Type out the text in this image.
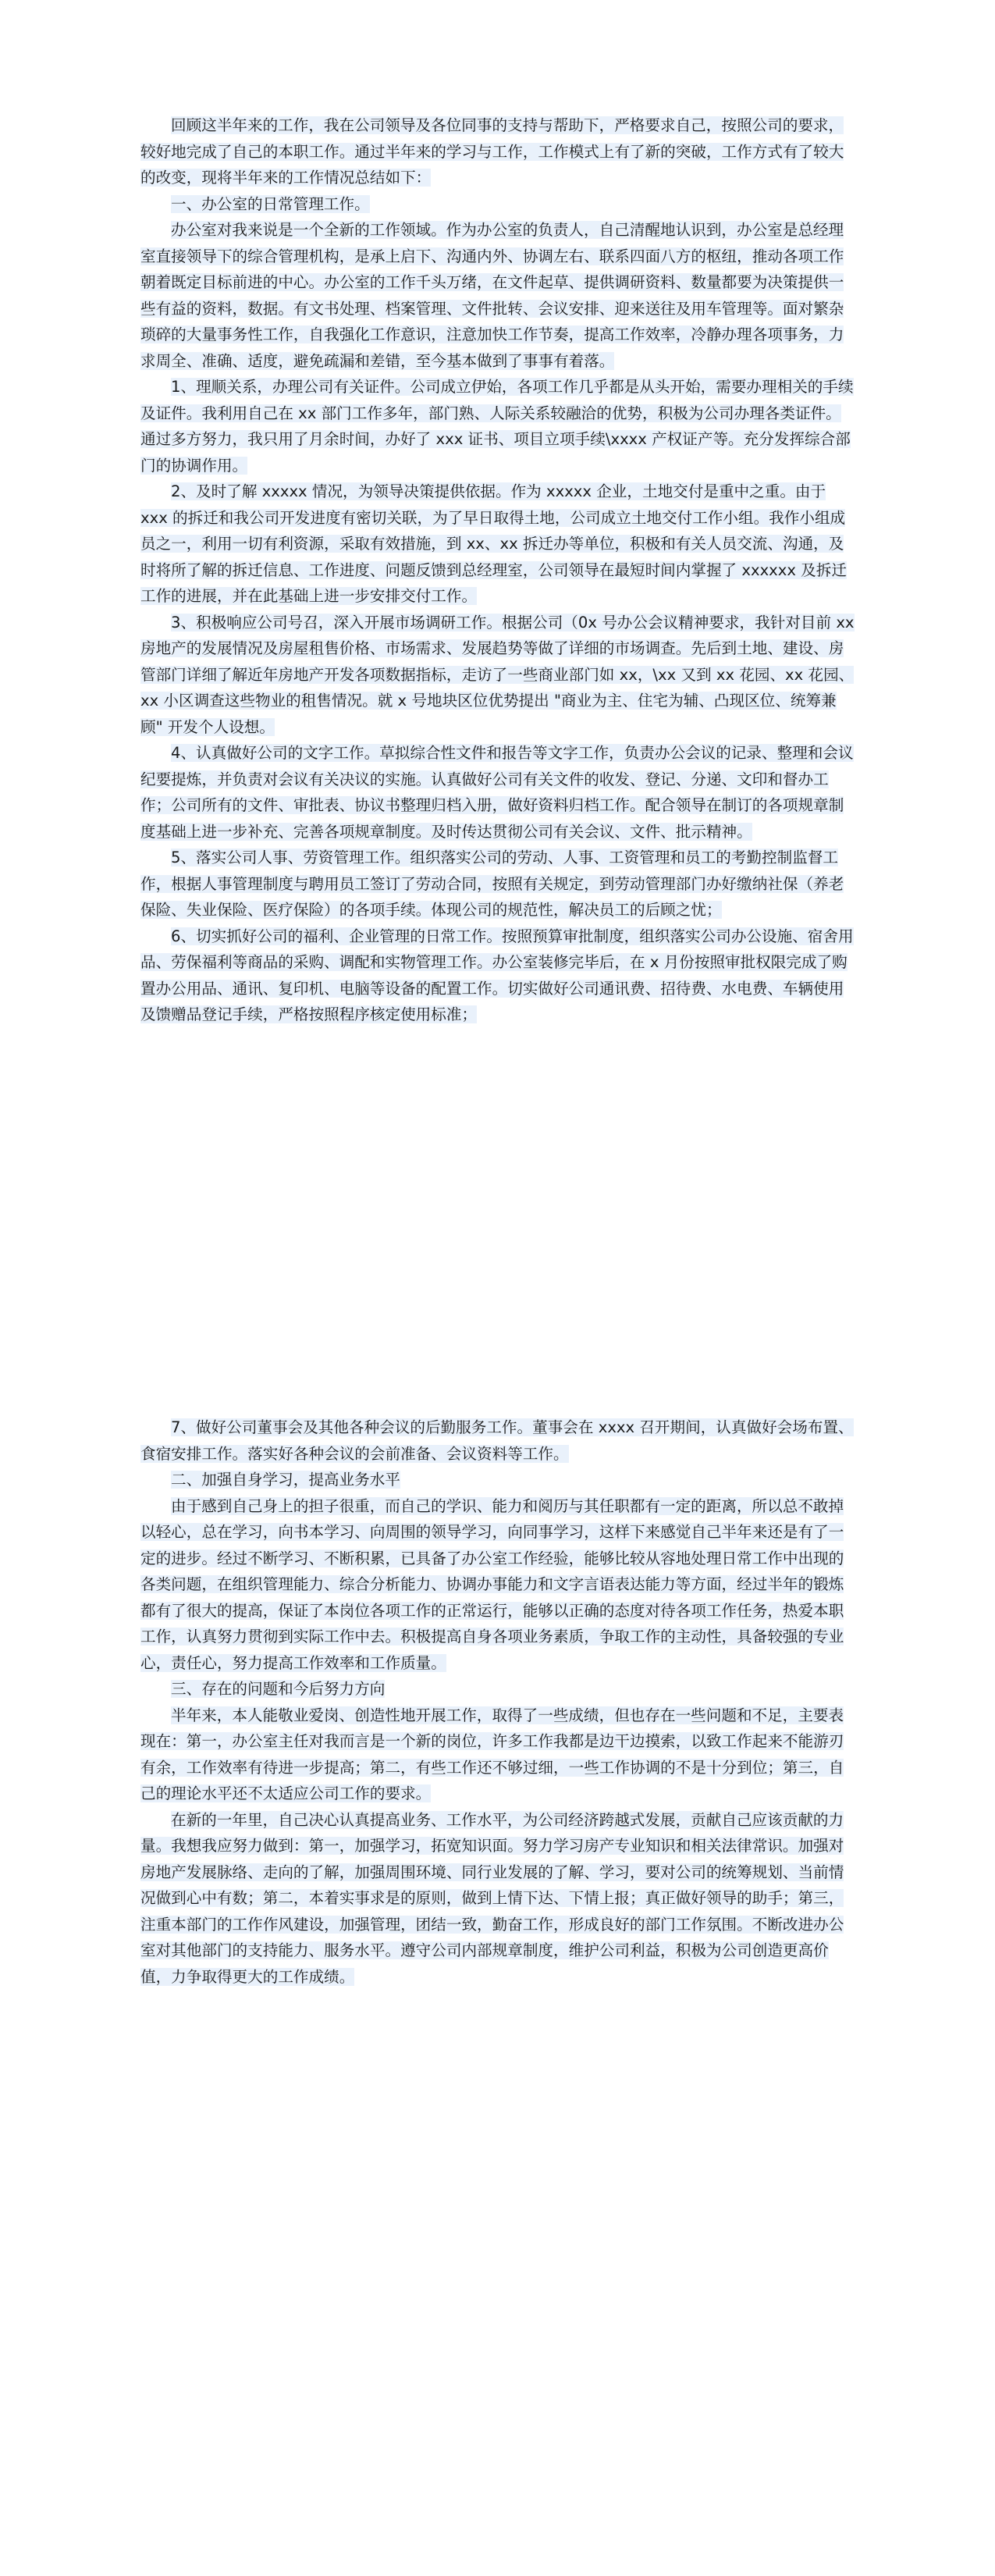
回顾这半年来的工作，我在公司领导及各位同事的支持与帮助下，严格要求自己，按照公司的要求，较好地完成了自己的本职工作。通过半年来的学习与工作，工作模式上有了新的突破，工作方式有了较大的改变，现将半年来的工作情况总结如下：

一、办公室的日常管理工作。

办公室对我来说是一个全新的工作领域。作为办公室的负责人，自己清醒地认识到，办公室是总经理室直接领导下的综合管理机构，是承上启下、沟通内外、协调左右、联系四面八方的枢纽，推动各项工作朝着既定目标前进的中心。办公室的工作千头万绪，在文件起草、提供调研资料、数量都要为决策提供一些有益的资料，数据。有文书处理、档案管理、文件批转、会议安排、迎来送往及用车管理等。面对繁杂琐碎的大量事务性工作，自我强化工作意识，注意加快工作节奏，提高工作效率，冷静办理各项事务，力求周全、准确、适度，避免疏漏和差错，至今基本做到了事事有着落。

1、理顺关系，办理公司有关证件。公司成立伊始，各项工作几乎都是从头开始，需要办理相关的手续及证件。我利用自己在 xx 部门工作多年，部门熟、人际关系较融洽的优势，积极为公司办理各类证件。通过多方努力，我只用了月余时间，办好了 xxx 证书、项目立项手续\xxxx 产权证产等。充分发挥综合部门的协调作用。

2、及时了解 xxxxx 情况，为领导决策提供依据。作为 xxxxx 企业，土地交付是重中之重。由于 xxx 的拆迁和我公司开发进度有密切关联，为了早日取得土地，公司成立土地交付工作小组。我作小组成员之一，利用一切有利资源，采取有效措施，到 xx、xx 拆迁办等单位，积极和有关人员交流、沟通，及时将所了解的拆迁信息、工作进度、问题反馈到总经理室，公司领导在最短时间内掌握了 xxxxxx 及拆迁工作的进展，并在此基础上进一步安排交付工作。

3、积极响应公司号召，深入开展市场调研工作。根据公司（0x 号办公会议精神要求，我针对目前 xx 房地产的发展情况及房屋租售价格、市场需求、发展趋势等做了详细的市场调查。先后到土地、建设、房管部门详细了解近年房地产开发各项数据指标，走访了一些商业部门如 xx，\xx 又到 xx 花园、xx 花园、xx 小区调查这些物业的租售情况。就 x 号地块区位优势提出 "商业为主、住宅为辅、凸现区位、统筹兼顾" 开发个人设想。

4、认真做好公司的文字工作。草拟综合性文件和报告等文字工作，负责办公会议的记录、整理和会议纪要提炼，并负责对会议有关决议的实施。认真做好公司有关文件的收发、登记、分递、文印和督办工作；公司所有的文件、审批表、协议书整理归档入册，做好资料归档工作。配合领导在制订的各项规章制度基础上进一步补充、完善各项规章制度。及时传达贯彻公司有关会议、文件、批示精神。

5、落实公司人事、劳资管理工作。组织落实公司的劳动、人事、工资管理和员工的考勤控制监督工作，根据人事管理制度与聘用员工签订了劳动合同，按照有关规定，到劳动管理部门办好缴纳社保（养老保险、失业保险、医疗保险）的各项手续。体现公司的规范性，解决员工的后顾之忧；

6、切实抓好公司的福利、企业管理的日常工作。按照预算审批制度，组织落实公司办公设施、宿舍用品、劳保福利等商品的采购、调配和实物管理工作。办公室装修完毕后，在 x 月份按照审批权限完成了购置办公用品、通讯、复印机、电脑等设备的配置工作。切实做好公司通讯费、招待费、水电费、车辆使用及馈赠品登记手续，严格按照程序核定使用标准；

7、做好公司董事会及其他各种会议的后勤服务工作。董事会在 xxxx 召开期间，认真做好会场布置、食宿安排工作。落实好各种会议的会前准备、会议资料等工作。

二、加强自身学习，提高业务水平

由于感到自己身上的担子很重，而自己的学识、能力和阅历与其任职都有一定的距离，所以总不敢掉以轻心，总在学习，向书本学习、向周围的领导学习，向同事学习，这样下来感觉自己半年来还是有了一定的进步。经过不断学习、不断积累，已具备了办公室工作经验，能够比较从容地处理日常工作中出现的各类问题，在组织管理能力、综合分析能力、协调办事能力和文字言语表达能力等方面，经过半年的锻炼都有了很大的提高，保证了本岗位各项工作的正常运行，能够以正确的态度对待各项工作任务，热爱本职工作，认真努力贯彻到实际工作中去。积极提高自身各项业务素质，争取工作的主动性，具备较强的专业心，责任心，努力提高工作效率和工作质量。

三、存在的问题和今后努力方向

半年来，本人能敬业爱岗、创造性地开展工作，取得了一些成绩，但也存在一些问题和不足，主要表现在：第一，办公室主任对我而言是一个新的岗位，许多工作我都是边干边摸索，以致工作起来不能游刃有余，工作效率有待进一步提高；第二，有些工作还不够过细，一些工作协调的不是十分到位；第三，自己的理论水平还不太适应公司工作的要求。

在新的一年里，自己决心认真提高业务、工作水平，为公司经济跨越式发展，贡献自己应该贡献的力量。我想我应努力做到：第一，加强学习，拓宽知识面。努力学习房产专业知识和相关法律常识。加强对房地产发展脉络、走向的了解，加强周围环境、同行业发展的了解、学习，要对公司的统筹规划、当前情况做到心中有数；第二，本着实事求是的原则，做到上情下达、下情上报；真正做好领导的助手；第三，注重本部门的工作作风建设，加强管理，团结一致，勤奋工作，形成良好的部门工作氛围。不断改进办公室对其他部门的支持能力、服务水平。遵守公司内部规章制度，维护公司利益，积极为公司创造更高价值，力争取得更大的工作成绩。
